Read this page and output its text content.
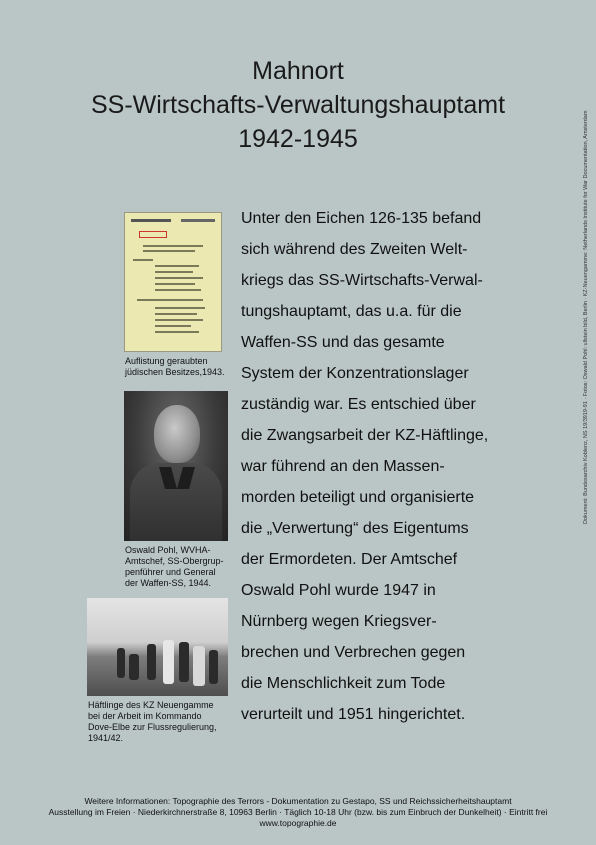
Mahnort
SS-Wirtschafts-Verwaltungshauptamt
1942-1945
Auflistung geraubten
jüdischen Besitzes,1943.
Oswald Pohl, WVHA-
Amtschef, SS-Obergrup-
penführer und General
der Waffen-SS, 1944.
Häftlinge des KZ Neuengamme
bei der Arbeit im Kommando
Dove-Elbe zur Flussregulierung,
1941/42.
Unter den Eichen 126-135 befand
sich während des Zweiten Welt-
kriegs das SS-Wirtschafts-Verwal-
tungshauptamt, das u.a. für die
Waffen-SS und das gesamte
System der Konzentrationslager
zuständig war. Es entschied über
die Zwangsarbeit der KZ-Häftlinge,
war führend an den Massen-
morden beteiligt und organisierte
die „Verwertung“ des Eigentums
der Ermordeten. Der Amtschef
Oswald Pohl wurde 1947 in
Nürnberg wegen Kriegsver-
brechen und Verbrechen gegen
die Menschlichkeit zum Tode
verurteilt und 1951 hingerichtet.
Dokument: Bundesarchiv Koblenz, NS 19/3919-91 · Fotos: Oswald Pohl: ullstein bild, Berlin · KZ-Neuengamme: Netherlands Institute for War Documentation, Amsterdam
Weitere Informationen: Topographie des Terrors - Dokumentation zu Gestapo, SS und Reichssicherheitshauptamt
Ausstellung im Freien · Niederkirchnerstraße 8, 10963 Berlin · Täglich 10-18 Uhr (bzw. bis zum Einbruch der Dunkelheit) · Eintritt frei
www.topographie.de
